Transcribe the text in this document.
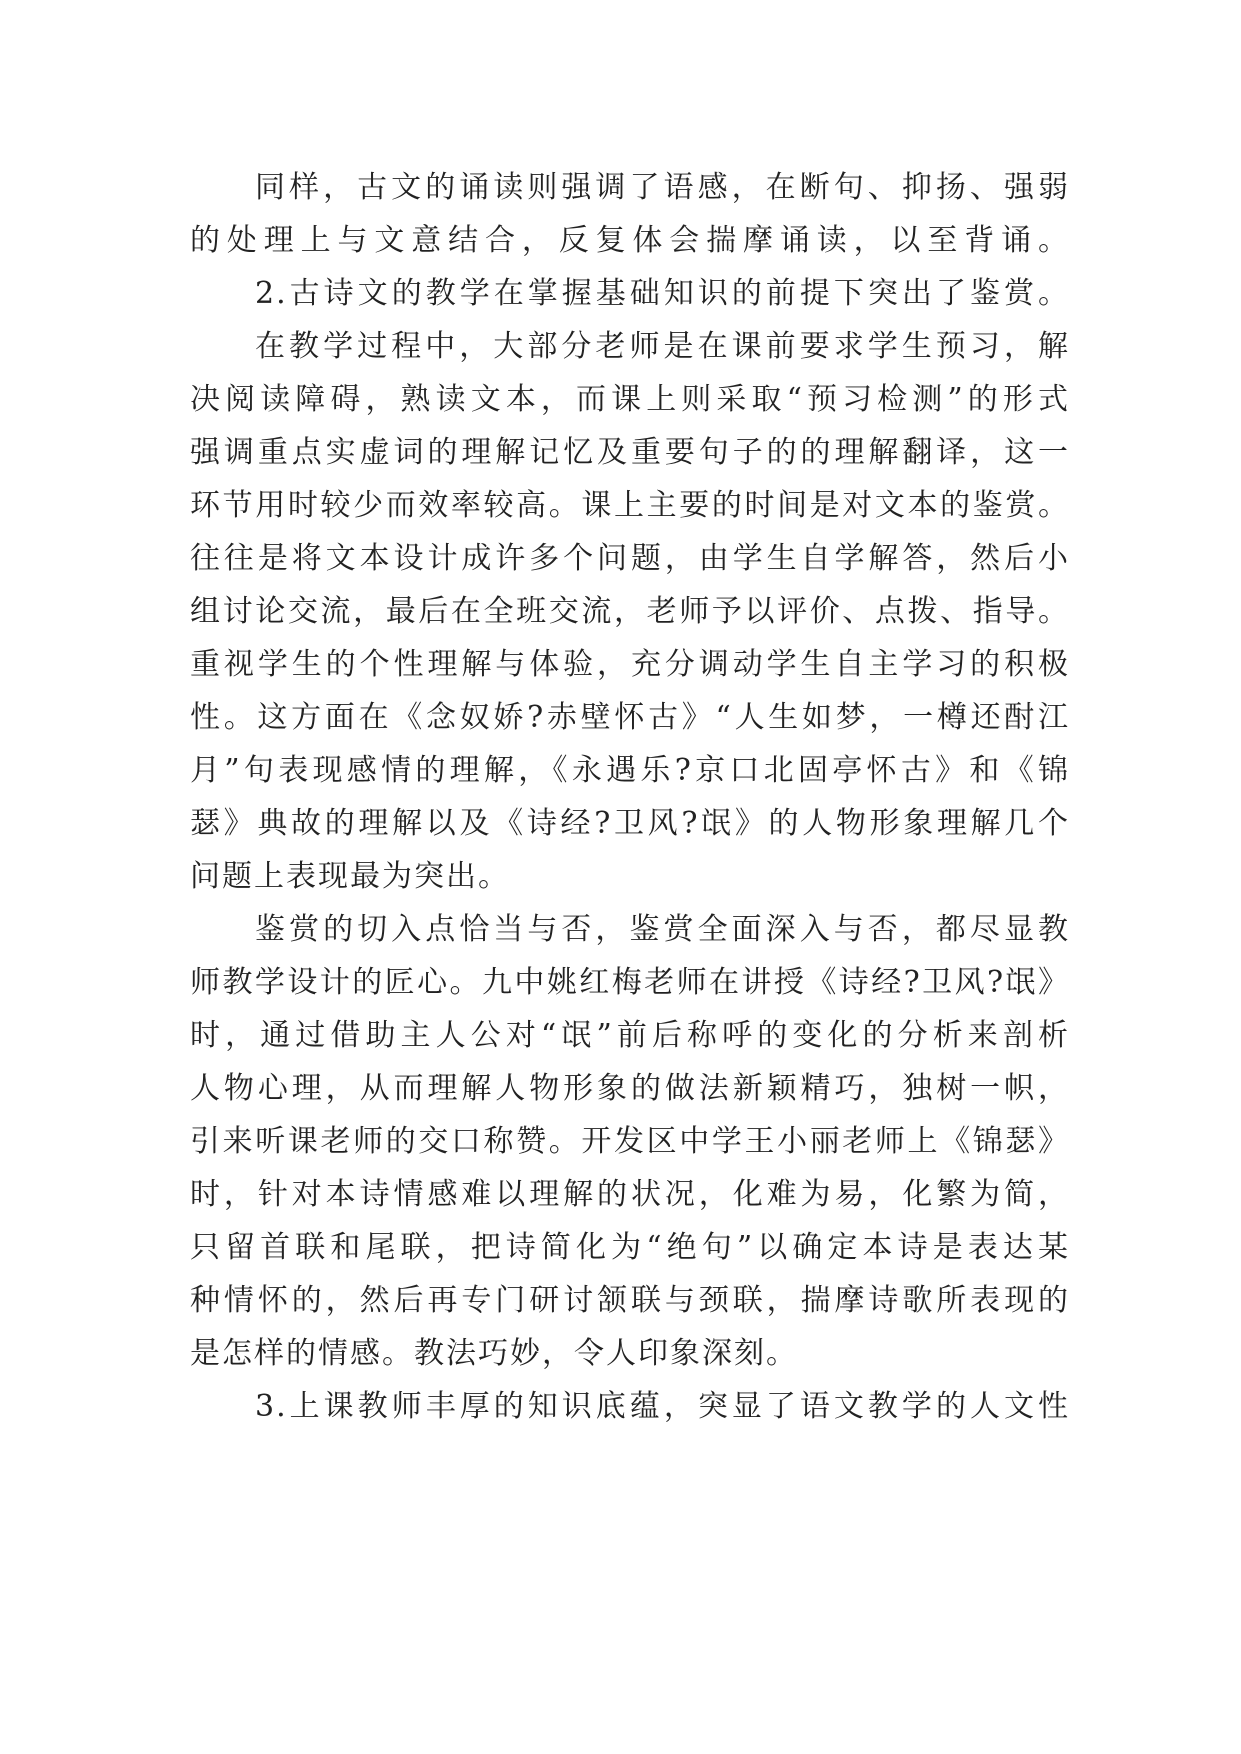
同样，古文的诵读则强调了语感，在断句、抑扬、强弱
的处理上与文意结合，反复体会揣摩诵读，以至背诵。
2.古诗文的教学在掌握基础知识的前提下突出了鉴赏。
在教学过程中，大部分老师是在课前要求学生预习，解
决阅读障碍，熟读文本，而课上则采取“预习检测”的形式
强调重点实虚词的理解记忆及重要句子的的理解翻译，这一
环节用时较少而效率较高。课上主要的时间是对文本的鉴赏。
往往是将文本设计成许多个问题，由学生自学解答，然后小
组讨论交流，最后在全班交流，老师予以评价、点拨、指导。
重视学生的个性理解与体验，充分调动学生自主学习的积极
性。这方面在《念奴娇?赤壁怀古》“人生如梦，一樽还酎江
月”句表现感情的理解，《永遇乐?京口北固亭怀古》和《锦
瑟》典故的理解以及《诗经?卫风?氓》的人物形象理解几个
问题上表现最为突出。
鉴赏的切入点恰当与否，鉴赏全面深入与否，都尽显教
师教学设计的匠心。九中姚红梅老师在讲授《诗经?卫风?氓》
时，通过借助主人公对“氓”前后称呼的变化的分析来剖析
人物心理，从而理解人物形象的做法新颖精巧，独树一帜，
引来听课老师的交口称赞。开发区中学王小丽老师上《锦瑟》
时，针对本诗情感难以理解的状况，化难为易，化繁为简，
只留首联和尾联，把诗简化为“绝句”以确定本诗是表达某
种情怀的，然后再专门研讨颔联与颈联，揣摩诗歌所表现的
是怎样的情感。教法巧妙，令人印象深刻。
3.上课教师丰厚的知识底蕴，突显了语文教学的人文性
